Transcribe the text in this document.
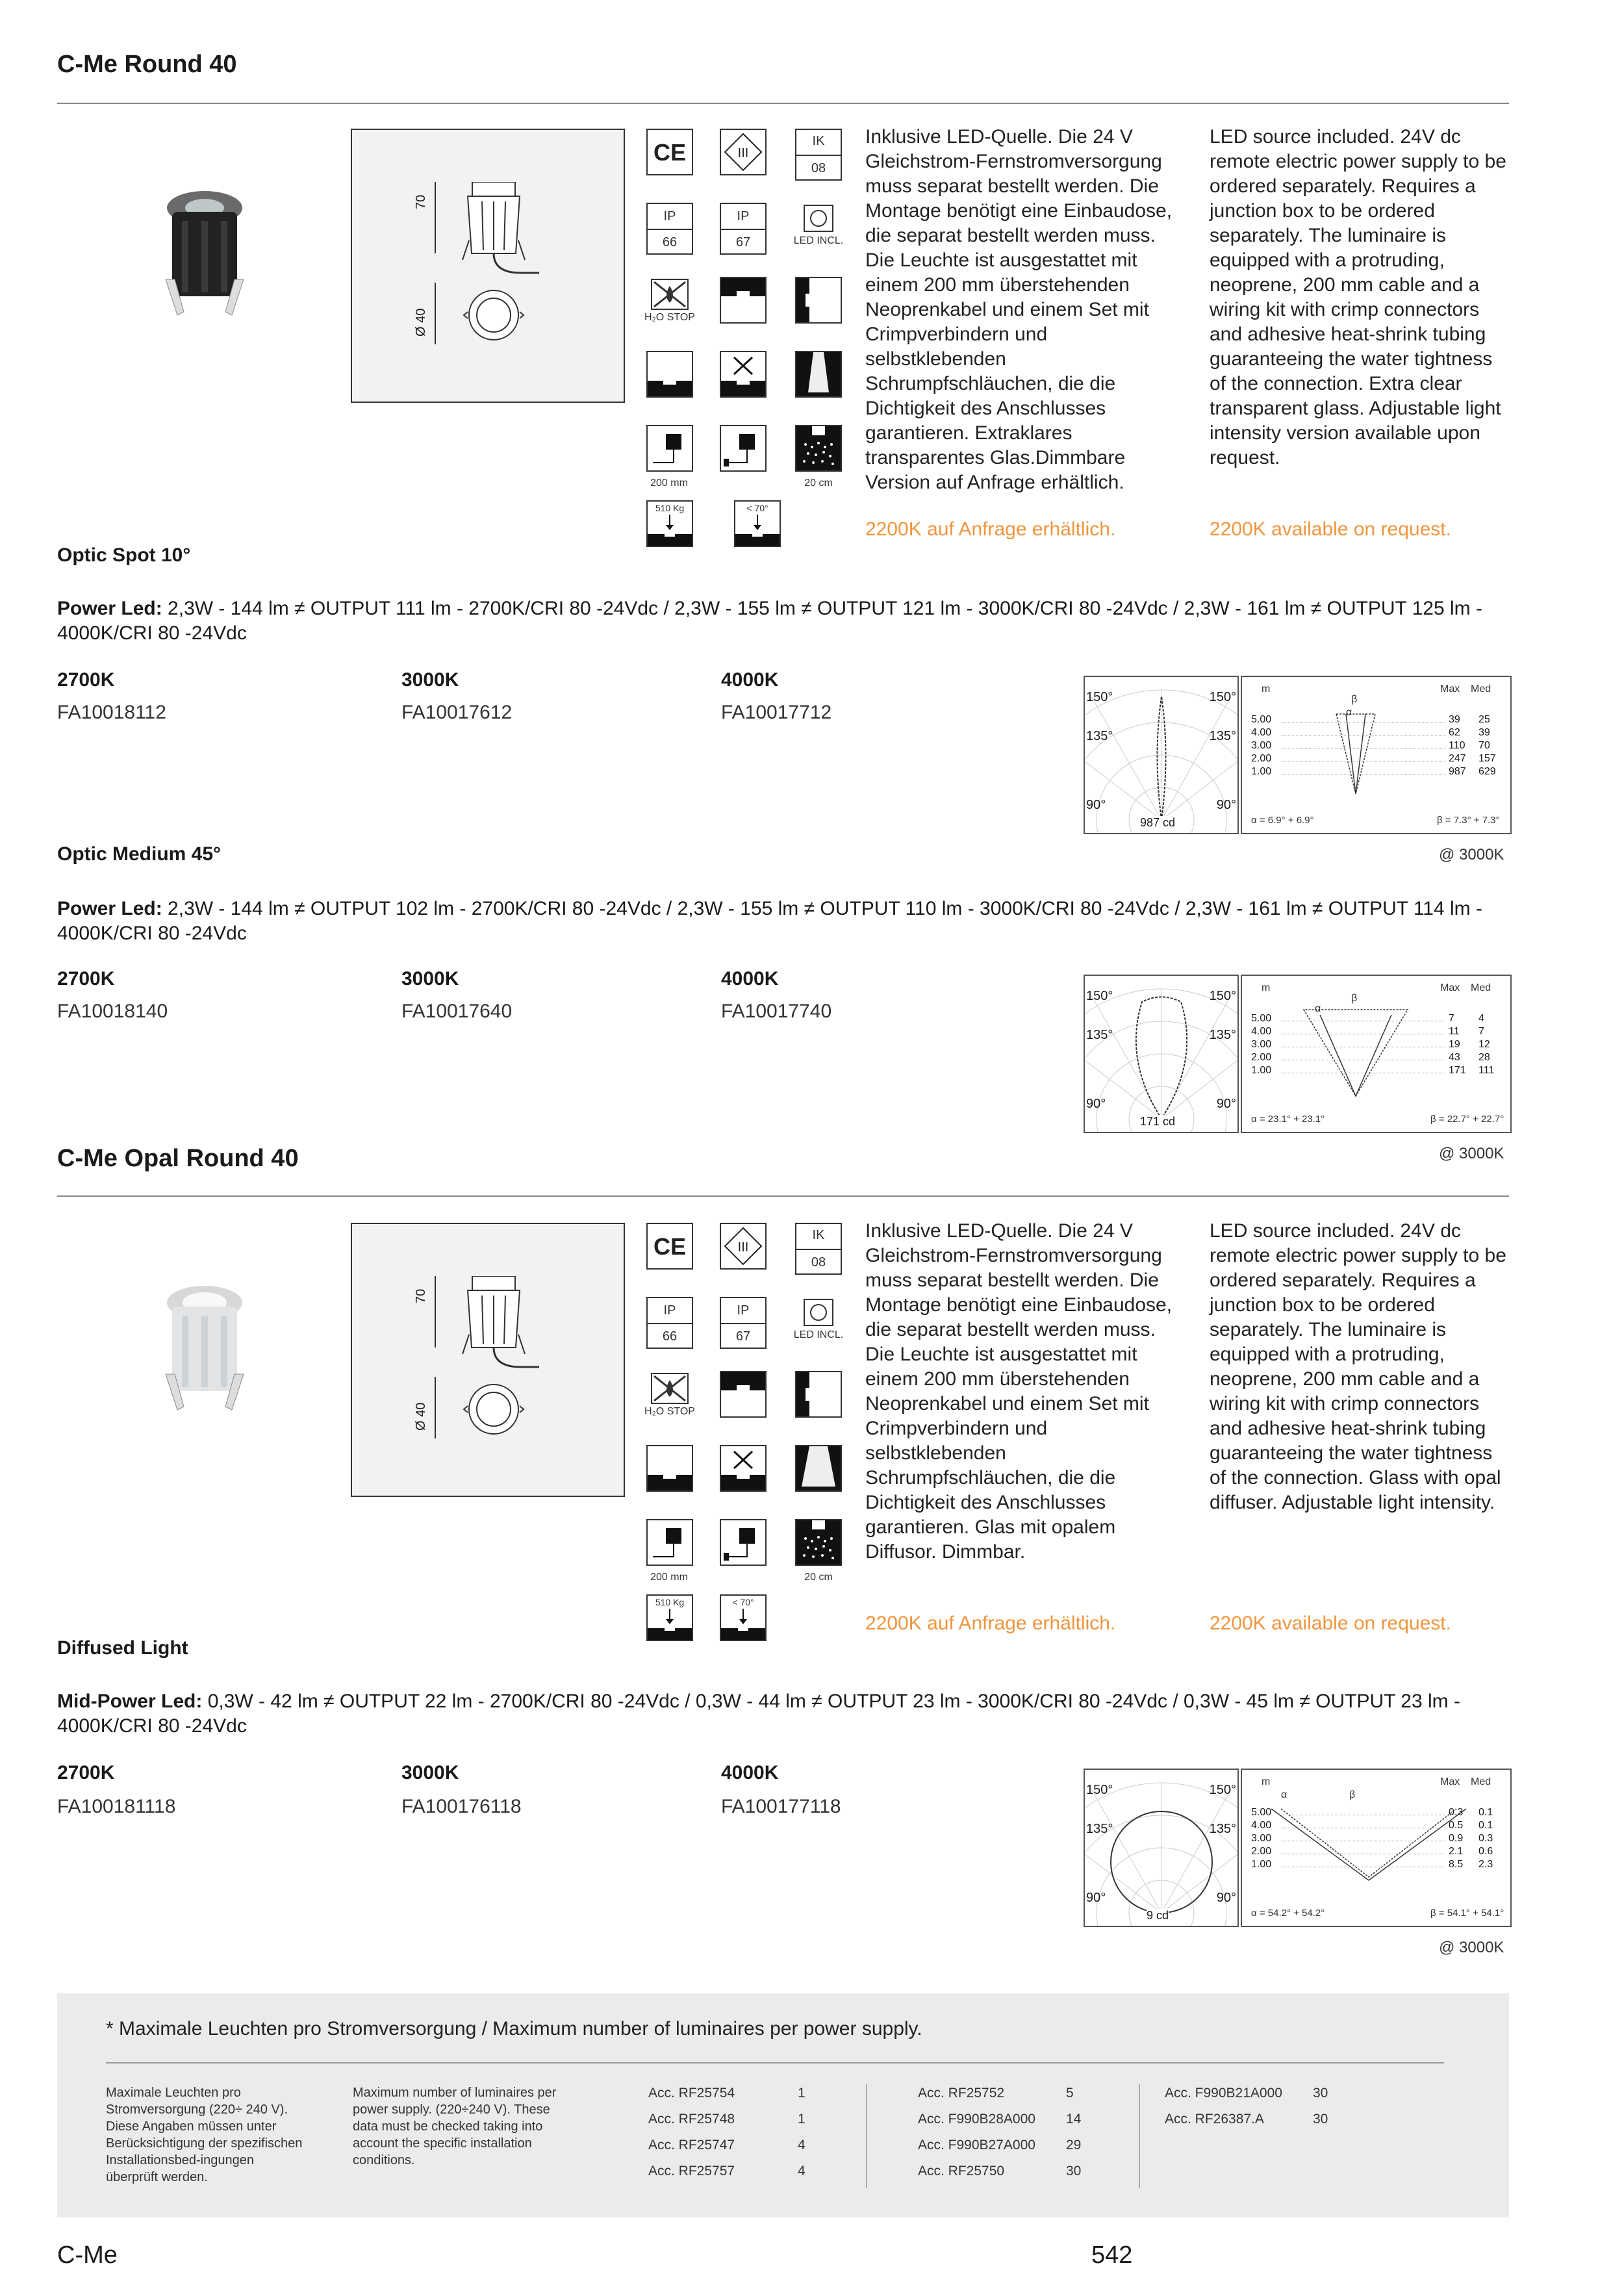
C-Me Round 40
70
Ø 40
CE	III
IK
08
IP
66
IP
67	LED INCL.
H₂O STOP
200 mm	20 cm
510 Kg	< 70°
Inklusive LED-Quelle. Die 24 V Gleichstrom-Fernstromversorgung muss separat bestellt werden. Die Montage benötigt eine Einbaudose, die separat bestellt werden muss. Die Leuchte ist ausgestattet mit einem 200 mm überstehenden Neoprenkabel und einem Set mit Crimpverbindern und selbstklebenden Schrumpfschläuchen, die die Dichtigkeit des Anschlusses garantieren. Extraklares transparentes Glas.Dimmbare Version auf Anfrage erhältlich.
LED source included. 24V dc remote electric power supply to be ordered separately. Requires a junction box to be ordered separately. The luminaire is equipped with a protruding, neoprene, 200 mm cable and a wiring kit with crimp connectors and adhesive heat-shrink tubing guaranteeing the water tightness of the connection. Extra clear transparent glass. Adjustable light intensity version available upon request.
2200K auf Anfrage erhältlich.	2200K available on request.
Optic Spot 10°
Power Led: 2,3W - 144 lm ≠ OUTPUT 111 lm - 2700K/CRI 80 -24Vdc / 2,3W - 155 lm ≠ OUTPUT 121 lm - 3000K/CRI 80 -24Vdc / 2,3W - 161 lm ≠ OUTPUT 125 lm - 4000K/CRI 80 -24Vdc
2700K	3000K	4000K
FA10018112	FA10017612	FA10017712
150°	150°
135°	135°
90°	90°
987 cd
m	Max Med
α
β
5.00	39	25
4.00	62	39
3.00	110	70
2.00	247	157
1.00	987	629
α = 6.9° + 6.9°	β = 7.3° + 7.3°
@ 3000K
Optic Medium 45°
Power Led: 2,3W - 144 lm ≠ OUTPUT 102 lm - 2700K/CRI 80 -24Vdc / 2,3W - 155 lm ≠ OUTPUT 110 lm - 3000K/CRI 80 -24Vdc / 2,3W - 161 lm ≠ OUTPUT 114 lm - 4000K/CRI 80 -24Vdc
2700K	3000K	4000K
FA10018140	FA10017640	FA10017740
150°	150°
135°	135°
90°	90°
171 cd
m	Max Med
α
β
5.00	7	4
4.00	11	7
3.00	19	12
2.00	43	28
1.00	171	111
α = 23.1° + 23.1°	β = 22.7° + 22.7°
@ 3000K
C-Me Opal Round 40
70
Ø 40
CE	III
IK
08
IP
66
IP
67	LED INCL.
H₂O STOP
200 mm	20 cm
510 Kg	< 70°
Inklusive LED-Quelle. Die 24 V Gleichstrom-Fernstromversorgung muss separat bestellt werden. Die Montage benötigt eine Einbaudose, die separat bestellt werden muss. Die Leuchte ist ausgestattet mit einem 200 mm überstehenden Neoprenkabel und einem Set mit Crimpverbindern und selbstklebenden Schrumpfschläuchen, die die Dichtigkeit des Anschlusses garantieren. Glas mit opalem Diffusor. Dimmbar.
LED source included. 24V dc remote electric power supply to be ordered separately. Requires a junction box to be ordered separately. The luminaire is equipped with a protruding, neoprene, 200 mm cable and a wiring kit with crimp connectors and adhesive heat-shrink tubing guaranteeing the water tightness of the connection. Glass with opal diffuser. Adjustable light intensity.
2200K auf Anfrage erhältlich.	2200K available on request.
Diffused Light
Mid-Power Led: 0,3W - 42 lm ≠ OUTPUT 22 lm - 2700K/CRI 80 -24Vdc / 0,3W - 44 lm ≠ OUTPUT 23 lm - 3000K/CRI 80 -24Vdc / 0,3W - 45 lm ≠ OUTPUT 23 lm - 4000K/CRI 80 -24Vdc
2700K	3000K	4000K
FA100181118	FA100176118	FA100177118
150°	150°
135°	135°
90°	90°
9 cd
m	Max Med
α	β
5.00	0.3	0.1
4.00	0.5	0.1
3.00	0.9	0.3
2.00	2.1	0.6
1.00	8.5	2.3
α = 54.2° + 54.2°	β = 54.1° + 54.1°
@ 3000K
* Maximale Leuchten pro Stromversorgung / Maximum number of luminaires per power supply.
Maximale Leuchten pro Stromversorgung (220÷ 240 V). Diese Angaben müssen unter Berücksichtigung der spezifischen Installationsbed-ingungen überprüft werden.
Maximum number of luminaires per power supply. (220÷240 V). These data must be checked taking into account the specific installation conditions.
Acc. RF25754	1
Acc. RF25748	1
Acc. RF25747	4
Acc. RF25757	4
Acc. RF25752	5
Acc. F990B28A000	14
Acc. F990B27A000	29
Acc. RF25750	30
Acc. F990B21A000	30
Acc. RF26387.A	30
C-Me	542
